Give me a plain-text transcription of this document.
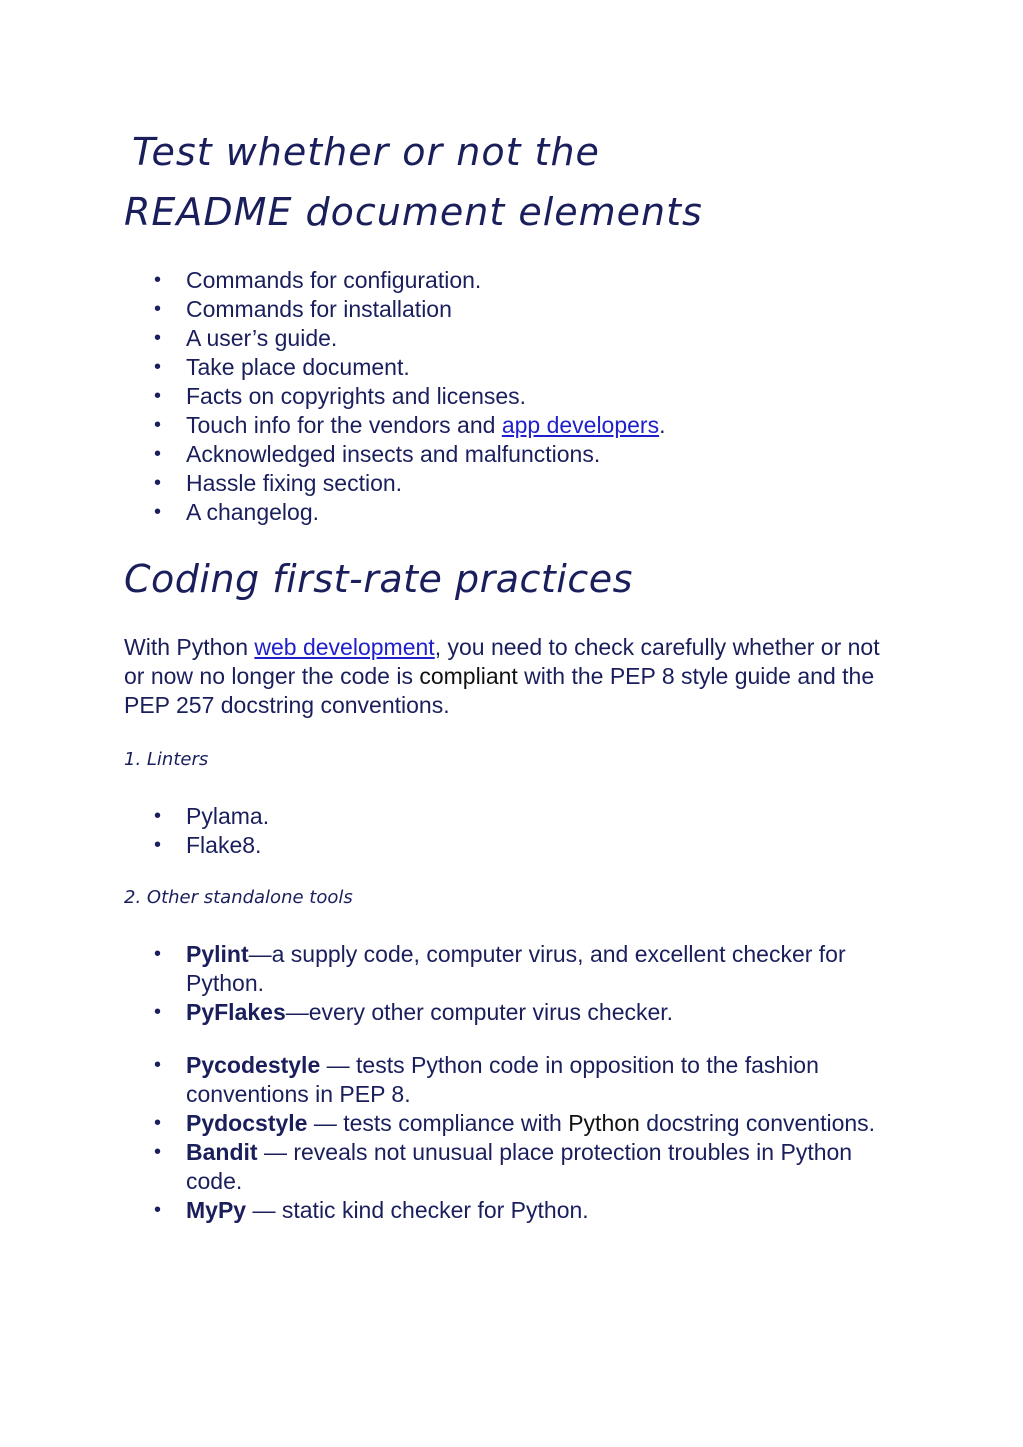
Test whether or not the
README document elements
• Commands for configuration.
• Commands for installation
• A user’s guide.
• Take place document.
• Facts on copyrights and licenses.
• Touch info for the vendors and app developers.
• Acknowledged insects and malfunctions.
• Hassle fixing section.
• A changelog.
Coding first-rate practices

With Python web development, you need to check carefully whether or not or now no longer the code is compliant with the PEP 8 style guide and the PEP 257 docstring conventions.

1. Linters

• Pylama.
• Flake8.

2. Other standalone tools

• Pylint—a supply code, computer virus, and excellent checker for Python.
• PyFlakes—every other computer virus checker.
• Pycodestyle — tests Python code in opposition to the fashion conventions in PEP 8.
• Pydocstyle — tests compliance with Python docstring conventions.
• Bandit — reveals not unusual place protection troubles in Python code.
• MyPy — static kind checker for Python.
